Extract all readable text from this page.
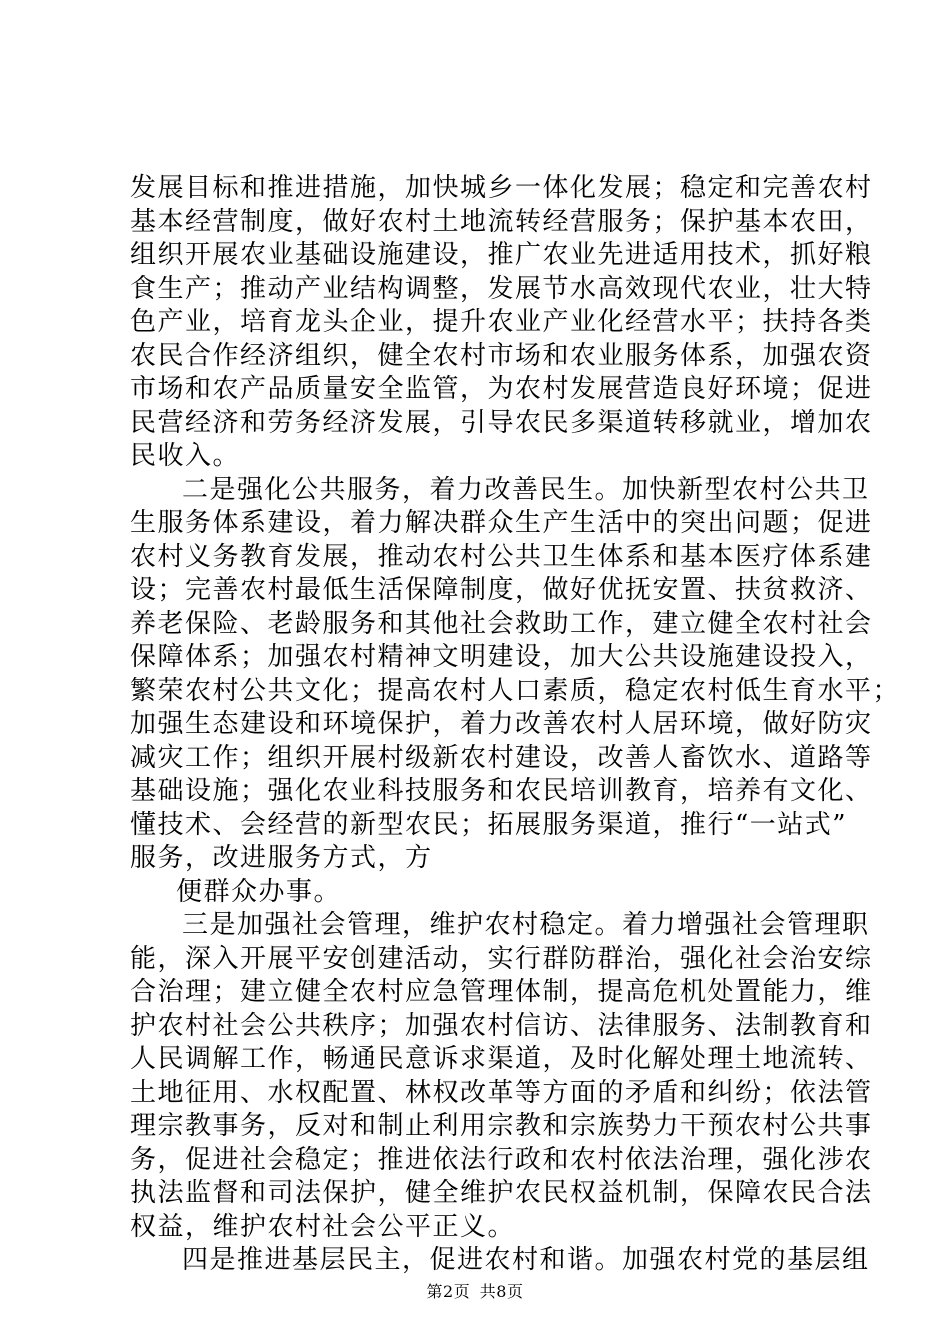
发展目标和推进措施，加快城乡一体化发展；稳定和完善农村
基本经营制度，做好农村土地流转经营服务；保护基本农田，
组织开展农业基础设施建设，推广农业先进适用技术，抓好粮
食生产；推动产业结构调整，发展节水高效现代农业，壮大特
色产业，培育龙头企业，提升农业产业化经营水平；扶持各类
农民合作经济组织，健全农村市场和农业服务体系，加强农资
市场和农产品质量安全监管，为农村发展营造良好环境；促进
民营经济和劳务经济发展，引导农民多渠道转移就业，增加农
民收入。
二是强化公共服务，着力改善民生。加快新型农村公共卫
生服务体系建设，着力解决群众生产生活中的突出问题；促进
农村义务教育发展，推动农村公共卫生体系和基本医疗体系建
设；完善农村最低生活保障制度，做好优抚安置、扶贫救济、
养老保险、老龄服务和其他社会救助工作，建立健全农村社会
保障体系；加强农村精神文明建设，加大公共设施建设投入，
繁荣农村公共文化；提高农村人口素质，稳定农村低生育水平；
加强生态建设和环境保护，着力改善农村人居环境，做好防灾
减灾工作；组织开展村级新农村建设，改善人畜饮水、道路等
基础设施；强化农业科技服务和农民培训教育，培养有文化、
懂技术、会经营的新型农民；拓展服务渠道，推行“一站式”
服务，改进服务方式，方
便群众办事。
三是加强社会管理，维护农村稳定。着力增强社会管理职
能，深入开展平安创建活动，实行群防群治，强化社会治安综
合治理；建立健全农村应急管理体制，提高危机处置能力，维
护农村社会公共秩序；加强农村信访、法律服务、法制教育和
人民调解工作，畅通民意诉求渠道，及时化解处理土地流转、
土地征用、水权配置、林权改革等方面的矛盾和纠纷；依法管
理宗教事务，反对和制止利用宗教和宗族势力干预农村公共事
务，促进社会稳定；推进依法行政和农村依法治理，强化涉农
执法监督和司法保护，健全维护农民权益机制，保障农民合法
权益，维护农村社会公平正义。
四是推进基层民主，促进农村和谐。加强农村党的基层组
第2页 共8页
